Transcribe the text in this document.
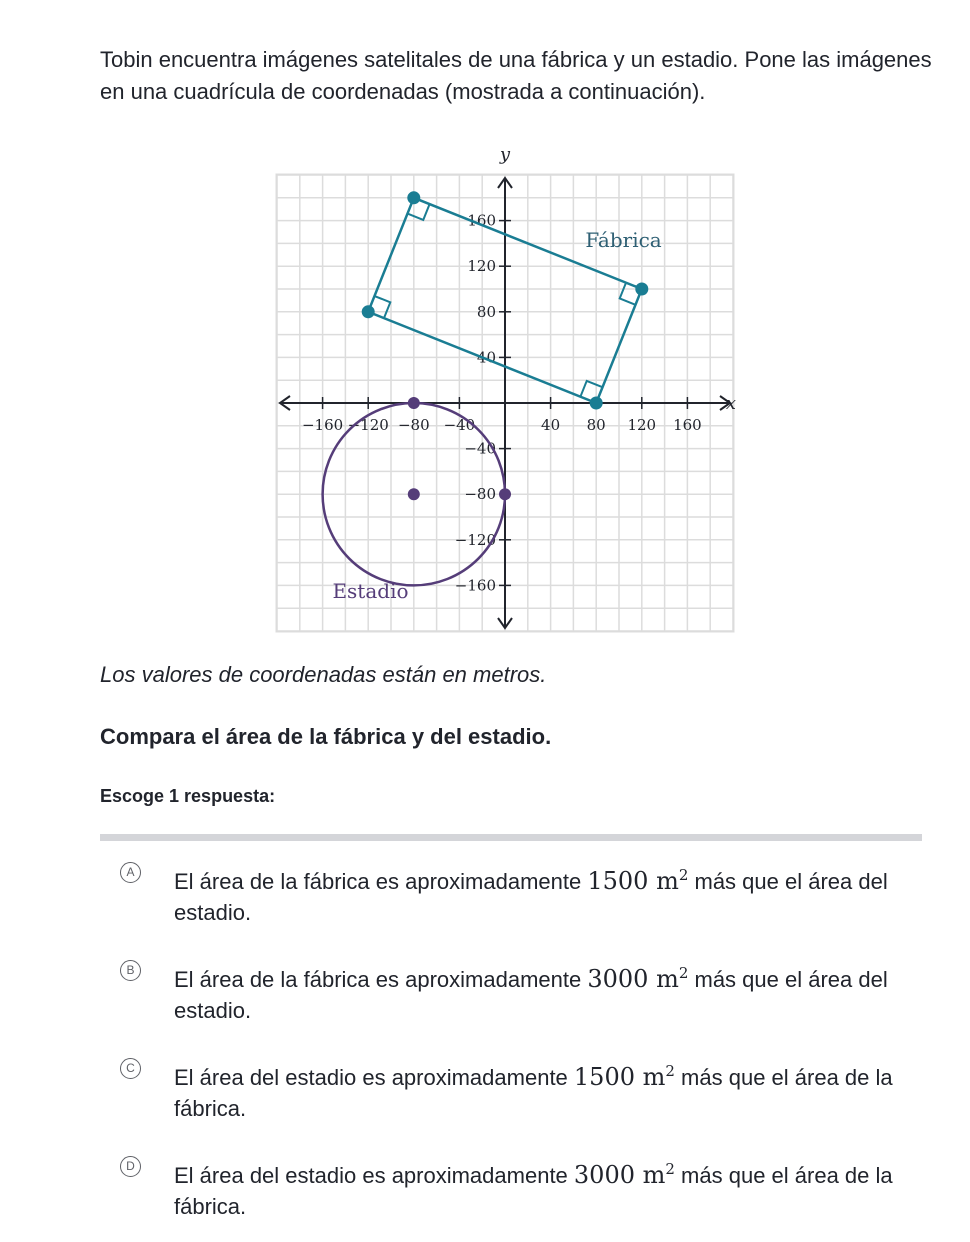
Tobin encuentra imágenes satelitales de una fábrica y un estadio. Pone las imágenes en una cuadrícula de coordenadas (mostrada a continuación).

x
y
−160 −120 −80 −40	40 80 120 160
−160
−120
−80
−40
40
80
120
160
Estadio
Fábrica

Los valores de coordenadas están en metros.

Compara el área de la fábrica y del estadio.

Escoge 1 respuesta:

A El área de la fábrica es aproximadamente 1500 $m^2$ más que el área del estadio.
B El área de la fábrica es aproximadamente 3000 $m^2$ más que el área del estadio.
C El área del estadio es aproximadamente 1500 $m^2$ más que el área de la fábrica.
D El área del estadio es aproximadamente 3000 $m^2$ más que el área de la fábrica.
